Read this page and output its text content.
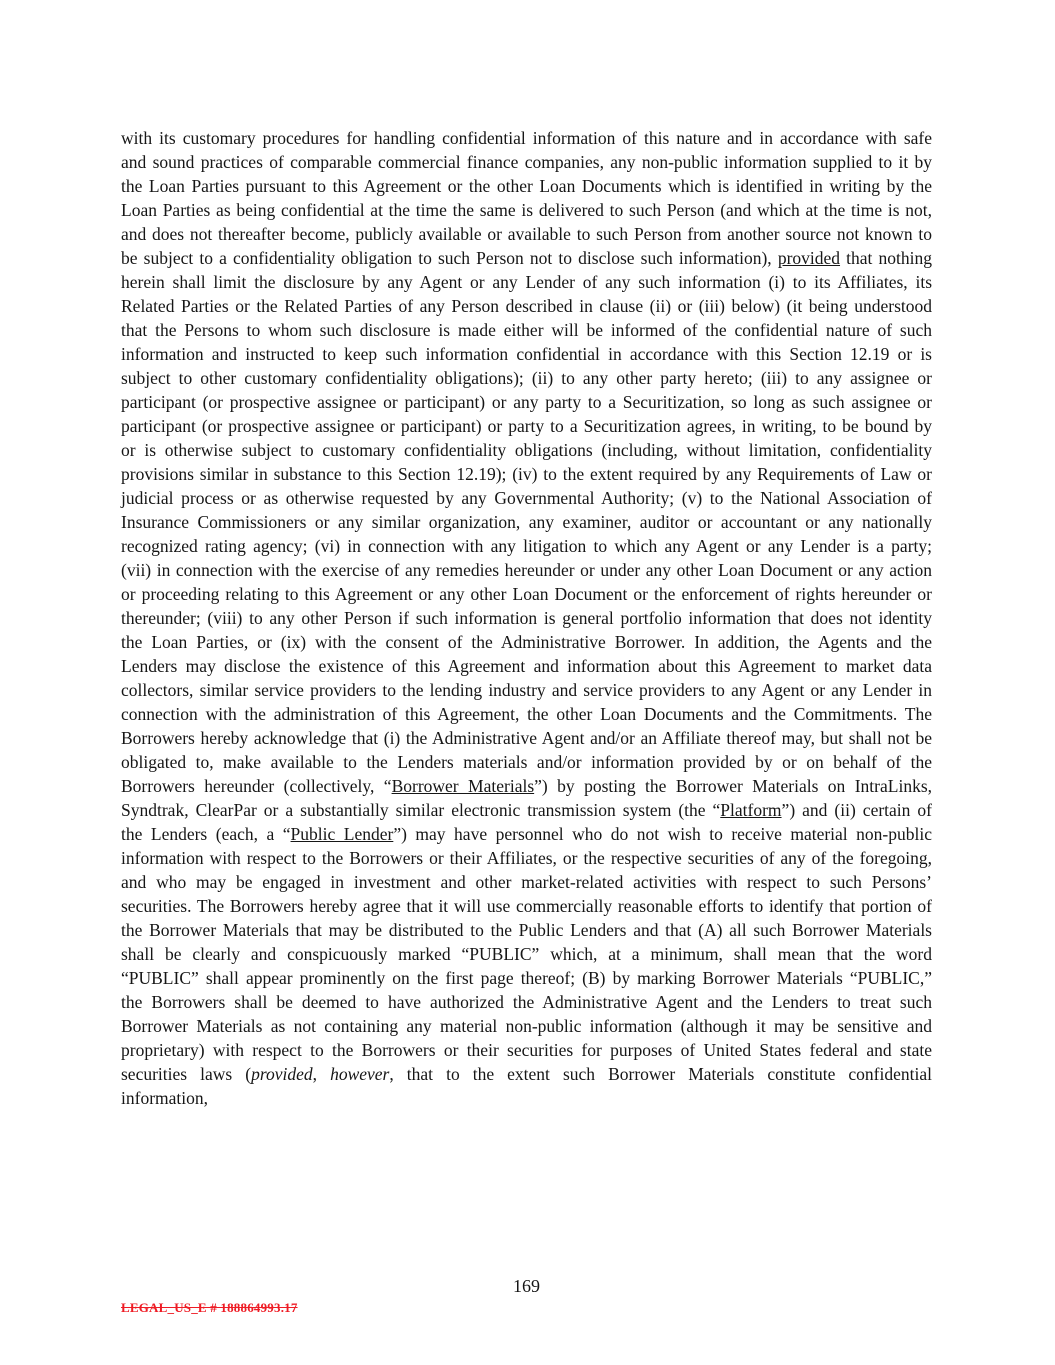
with its customary procedures for handling confidential information of this nature and in accordance with safe and sound practices of comparable commercial finance companies, any non-public information supplied to it by the Loan Parties pursuant to this Agreement or the other Loan Documents which is identified in writing by the Loan Parties as being confidential at the time the same is delivered to such Person (and which at the time is not, and does not thereafter become, publicly available or available to such Person from another source not known to be subject to a confidentiality obligation to such Person not to disclose such information), provided that nothing herein shall limit the disclosure by any Agent or any Lender of any such information (i) to its Affiliates, its Related Parties or the Related Parties of any Person described in clause (ii) or (iii) below) (it being understood that the Persons to whom such disclosure is made either will be informed of the confidential nature of such information and instructed to keep such information confidential in accordance with this Section 12.19 or is subject to other customary confidentiality obligations); (ii) to any other party hereto; (iii) to any assignee or participant (or prospective assignee or participant) or any party to a Securitization, so long as such assignee or participant (or prospective assignee or participant) or party to a Securitization agrees, in writing, to be bound by or is otherwise subject to customary confidentiality obligations (including, without limitation, confidentiality provisions similar in substance to this Section 12.19); (iv) to the extent required by any Requirements of Law or judicial process or as otherwise requested by any Governmental Authority; (v) to the National Association of Insurance Commissioners or any similar organization, any examiner, auditor or accountant or any nationally recognized rating agency; (vi) in connection with any litigation to which any Agent or any Lender is a party; (vii) in connection with the exercise of any remedies hereunder or under any other Loan Document or any action or proceeding relating to this Agreement or any other Loan Document or the enforcement of rights hereunder or thereunder; (viii) to any other Person if such information is general portfolio information that does not identity the Loan Parties, or (ix) with the consent of the Administrative Borrower. In addition, the Agents and the Lenders may disclose the existence of this Agreement and information about this Agreement to market data collectors, similar service providers to the lending industry and service providers to any Agent or any Lender in connection with the administration of this Agreement, the other Loan Documents and the Commitments. The Borrowers hereby acknowledge that (i) the Administrative Agent and/or an Affiliate thereof may, but shall not be obligated to, make available to the Lenders materials and/or information provided by or on behalf of the Borrowers hereunder (collectively, “Borrower Materials”) by posting the Borrower Materials on IntraLinks, Syndtrak, ClearPar or a substantially similar electronic transmission system (the “Platform”) and (ii) certain of the Lenders (each, a “Public Lender”) may have personnel who do not wish to receive material non-public information with respect to the Borrowers or their Affiliates, or the respective securities of any of the foregoing, and who may be engaged in investment and other market-related activities with respect to such Persons’ securities. The Borrowers hereby agree that it will use commercially reasonable efforts to identify that portion of the Borrower Materials that may be distributed to the Public Lenders and that (A) all such Borrower Materials shall be clearly and conspicuously marked “PUBLIC” which, at a minimum, shall mean that the word “PUBLIC” shall appear prominently on the first page thereof; (B) by marking Borrower Materials “PUBLIC,” the Borrowers shall be deemed to have authorized the Administrative Agent and the Lenders to treat such Borrower Materials as not containing any material non-public information (although it may be sensitive and proprietary) with respect to the Borrowers or their securities for purposes of United States federal and state securities laws (provided, however, that to the extent such Borrower Materials constitute confidential information,
169
LEGAL_US_E # 188864993.17
